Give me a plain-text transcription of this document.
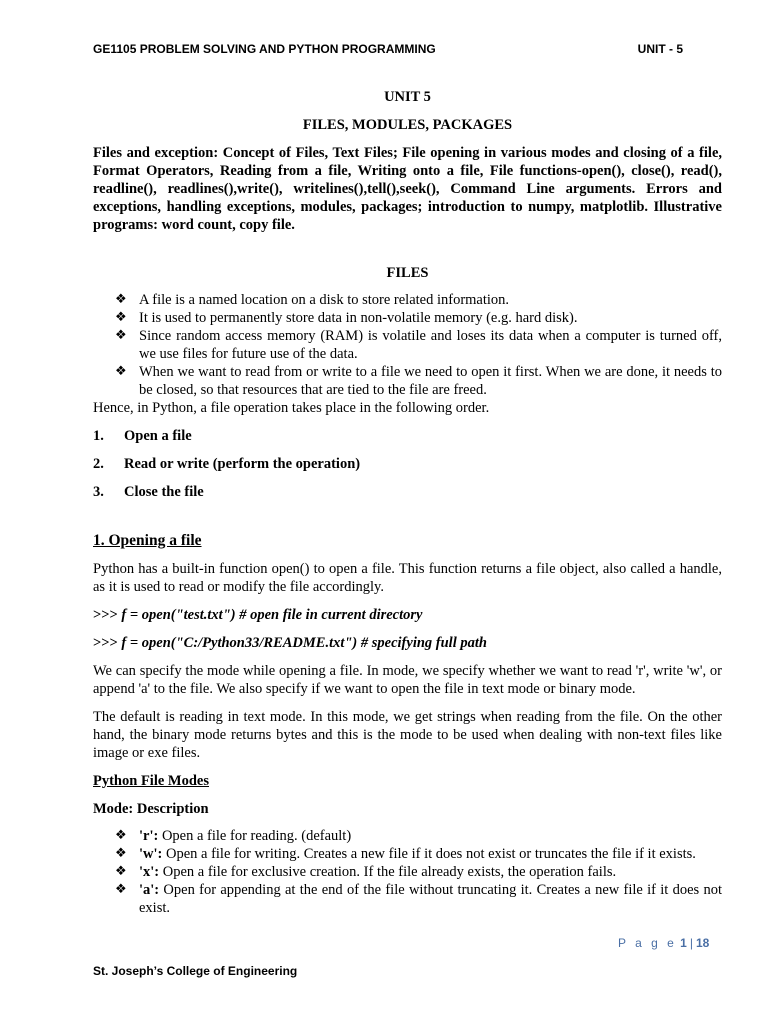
GE1105 PROBLEM SOLVING AND PYTHON PROGRAMMING	UNIT - 5
UNIT 5
FILES, MODULES, PACKAGES

Files and exception: Concept of Files, Text Files; File opening in various modes and closing of a file, Format Operators, Reading from a file, Writing onto a file, File functions-open(), close(), read(), readline(), readlines(),write(), writelines(),tell(),seek(), Command Line arguments. Errors and exceptions, handling exceptions, modules, packages; introduction to numpy, matplotlib. Illustrative programs: word count, copy file.

FILES
❖ A file is a named location on a disk to store related information.
❖ It is used to permanently store data in non-volatile memory (e.g. hard disk).
❖ Since random access memory (RAM) is volatile and loses its data when a computer is turned off, we use files for future use of the data.
❖ When we want to read from or write to a file we need to open it first. When we are done, it needs to be closed, so that resources that are tied to the file are freed.

Hence, in Python, a file operation takes place in the following order.

1. Open a file
2. Read or write (perform the operation)
3. Close the file
1. Opening a file

Python has a built-in function open() to open a file. This function returns a file object, also called a handle, as it is used to read or modify the file accordingly.

>>> f = open("test.txt") # open file in current directory

>>> f = open("C:/Python33/README.txt") # specifying full path

We can specify the mode while opening a file. In mode, we specify whether we want to read 'r', write 'w', or append 'a' to the file. We also specify if we want to open the file in text mode or binary mode.

The default is reading in text mode. In this mode, we get strings when reading from the file. On the other hand, the binary mode returns bytes and this is the mode to be used when dealing with non-text files like image or exe files.

Python File Modes
Mode: Description
❖ 'r': Open a file for reading. (default)
❖ 'w': Open a file for writing. Creates a new file if it does not exist or truncates the file if it exists.
❖ 'x': Open a file for exclusive creation. If the file already exists, the operation fails.
❖ 'a': Open for appending at the end of the file without truncating it. Creates a new file if it does not exist.
P a g e 1 | 18
St. Joseph’s College of Engineering
